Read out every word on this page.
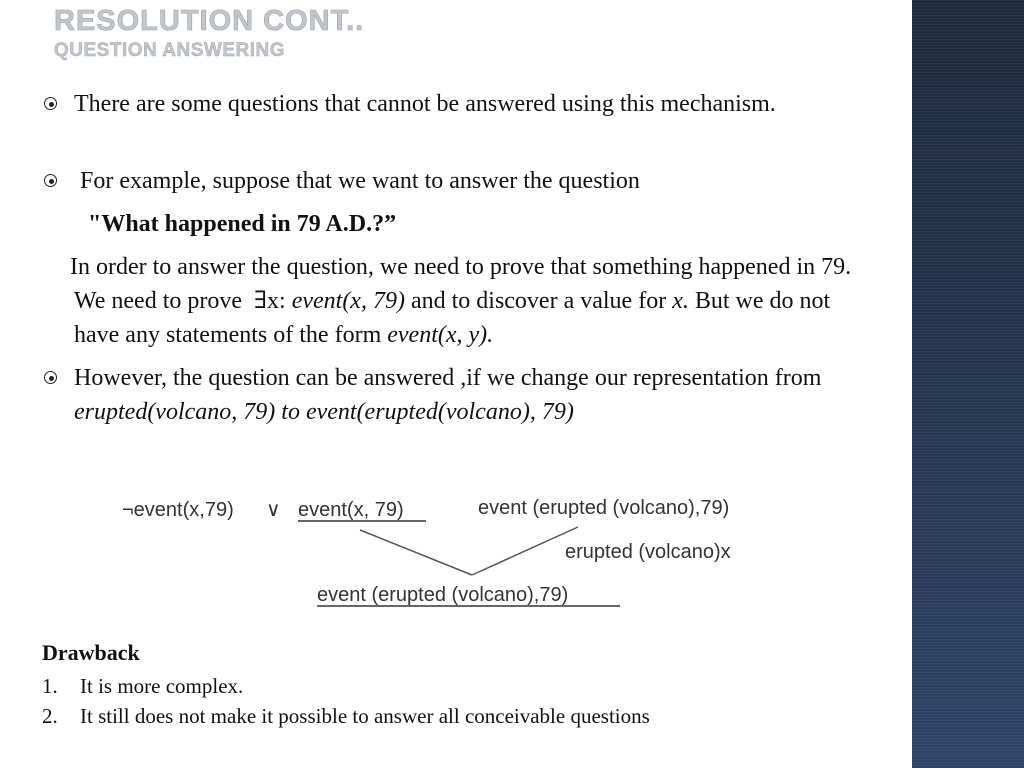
RESOLUTION CONT..
QUESTION ANSWERING

There are some questions that cannot be answered using this mechanism.

For example, suppose that we want to answer the question

"What happened in 79 A.D.?”

In order to answer the question, we need to prove that something happened in 79. We need to prove  ∃x: event(x, 79) and to discover a value for x. But we do not have any statements of the form event(x, y).

However, the question can be answered ,if we change our representation from erupted(volcano, 79) to event(erupted(volcano), 79)

¬event(x,79) ∨ event(x, 79)	event (erupted (volcano),79)
erupted (volcano)x
event (erupted (volcano),79)

Drawback

1. It is more complex.
2. It still does not make it possible to answer all conceivable questions
